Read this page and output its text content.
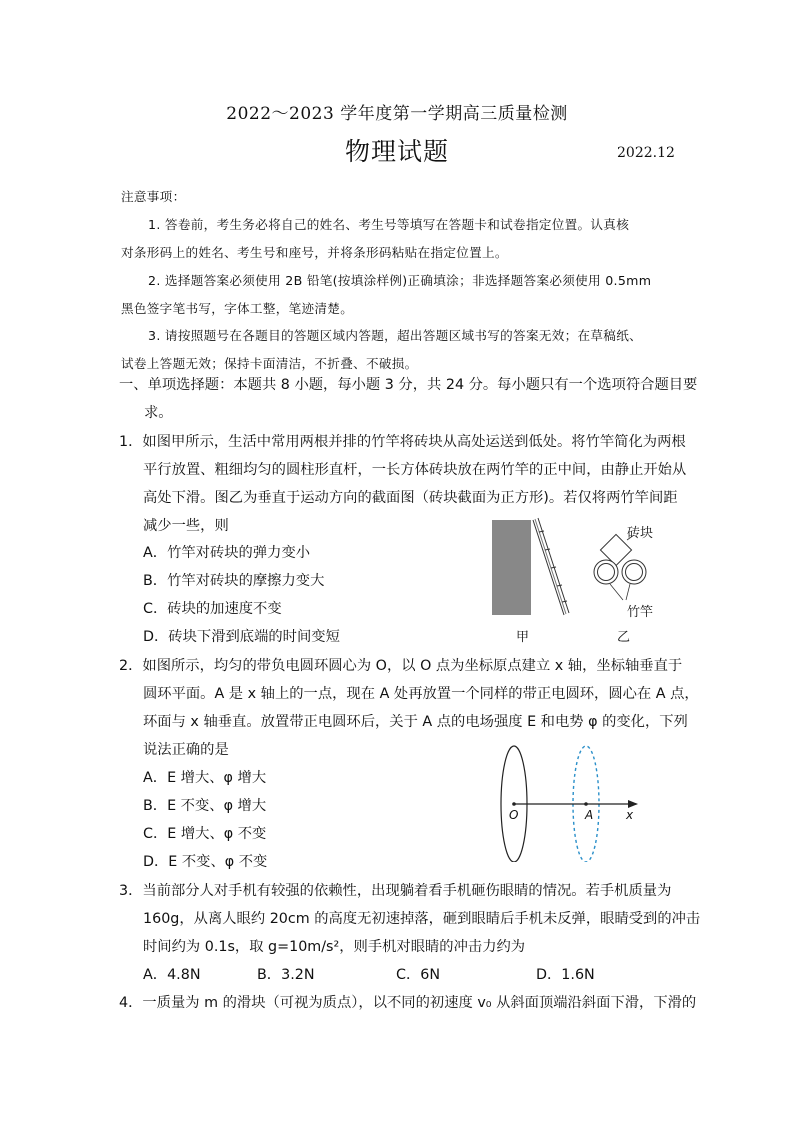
2022～2023 学年度第一学期高三质量检测
物理试题	2022.12
注意事项：
1. 答卷前，考生务必将自己的姓名、考生号等填写在答题卡和试卷指定位置。认真核
对条形码上的姓名、考生号和座号，并将条形码粘贴在指定位置上。
2. 选择题答案必须使用 2B 铅笔(按填涂样例)正确填涂；非选择题答案必须使用 0.5mm
黑色签字笔书写，字体工整，笔迹清楚。
3. 请按照题号在各题目的答题区域内答题，超出答题区域书写的答案无效；在草稿纸、
试卷上答题无效；保持卡面清洁，不折叠、不破损。
一、单项选择题：本题共 8 小题，每小题 3 分，共 24 分。每小题只有一个选项符合题目要
求。
1．如图甲所示，生活中常用两根并排的竹竿将砖块从高处运送到低处。将竹竿简化为两根
平行放置、粗细均匀的圆柱形直杆，一长方体砖块放在两竹竿的正中间，由静止开始从
高处下滑。图乙为垂直于运动方向的截面图（砖块截面为正方形)。若仅将两竹竿间距
减少一些，则
A．竹竿对砖块的弹力变小
B．竹竿对砖块的摩擦力变大
C．砖块的加速度不变
D．砖块下滑到底端的时间变短
砖块
竹竿
甲	乙
2．如图所示，均匀的带负电圆环圆心为 O，以 O 点为坐标原点建立 x 轴，坐标轴垂直于
圆环平面。A 是 x 轴上的一点，现在 A 处再放置一个同样的带正电圆环，圆心在 A 点，
环面与 x 轴垂直。放置带正电圆环后，关于 A 点的电场强度 E 和电势 φ 的变化，下列
说法正确的是
A．E 增大、φ 增大
B．E 不变、φ 增大
C．E 增大、φ 不变
D．E 不变、φ 不变
O	A	x
3．当前部分人对手机有较强的依赖性，出现躺着看手机砸伤眼睛的情况。若手机质量为
160g，从离人眼约 20cm 的高度无初速掉落，砸到眼睛后手机未反弹，眼睛受到的冲击
时间约为 0.1s，取 g=10m/s²，则手机对眼睛的冲击力约为
A．4.8N	B．3.2N	C．6N	D．1.6N
4．一质量为 m 的滑块（可视为质点），以不同的初速度 v₀ 从斜面顶端沿斜面下滑，下滑的
